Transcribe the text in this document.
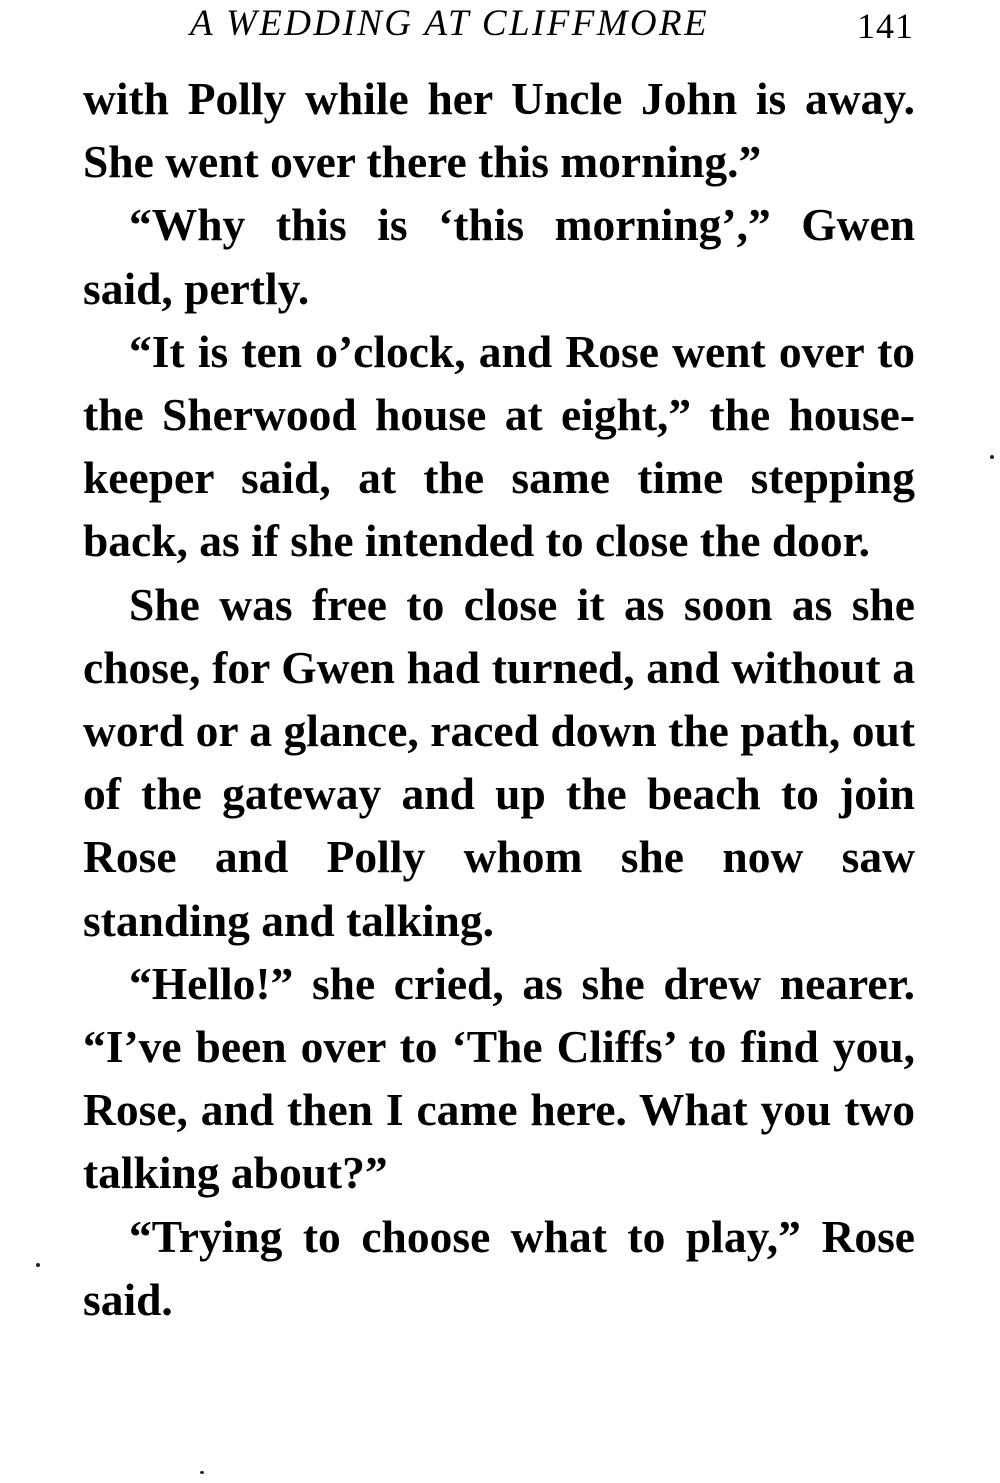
A WEDDING AT CLIFFMORE	141

with Polly while her Uncle John is away. She went over there this morning.”

“Why this is ‘this morning’,” Gwen said, pertly.

“It is ten o’clock, and Rose went over to the Sherwood house at eight,” the housekeeper said, at the same time stepping back, as if she intended to close the door.

She was free to close it as soon as she chose, for Gwen had turned, and without a word or a glance, raced down the path, out of the gateway and up the beach to join Rose and Polly whom she now saw standing and talking.

“Hello!” she cried, as she drew nearer. “I’ve been over to ‘The Cliffs’ to find you, Rose, and then I came here. What you two talking about?”

“Trying to choose what to play,” Rose said.
